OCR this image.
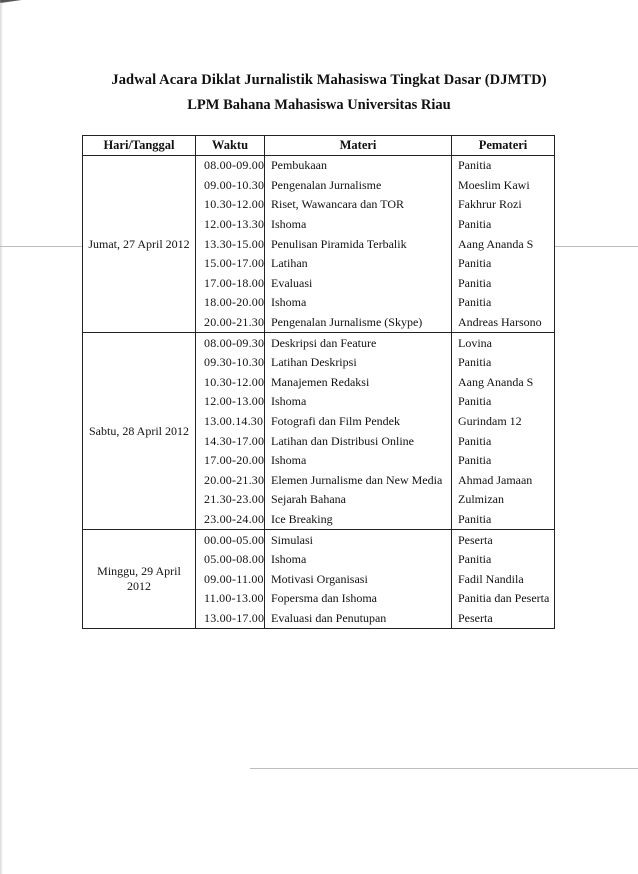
Jadwal Acara Diklat Jurnalistik Mahasiswa Tingkat Dasar (DJMTD)
LPM Bahana Mahasiswa Universitas Riau
Hari/Tanggal	Waktu	Materi	Pemateri
Jumat, 27 April 2012	08.00-09.00	Pembukaan	Panitia
	09.00-10.30	Pengenalan Jurnalisme	Moeslim Kawi
	10.30-12.00	Riset, Wawancara dan TOR	Fakhrur Rozi
	12.00-13.30	Ishoma	Panitia
	13.30-15.00	Penulisan Piramida Terbalik	Aang Ananda S
	15.00-17.00	Latihan	Panitia
	17.00-18.00	Evaluasi	Panitia
	18.00-20.00	Ishoma	Panitia
	20.00-21.30	Pengenalan Jurnalisme (Skype)	Andreas Harsono
Sabtu, 28 April 2012	08.00-09.30	Deskripsi dan Feature	Lovina
	09.30-10.30	Latihan Deskripsi	Panitia
	10.30-12.00	Manajemen Redaksi	Aang Ananda S
	12.00-13.00	Ishoma	Panitia
	13.00.14.30	Fotografi dan Film Pendek	Gurindam 12
	14.30-17.00	Latihan dan Distribusi Online	Panitia
	17.00-20.00	Ishoma	Panitia
	20.00-21.30	Elemen Jurnalisme dan New Media	Ahmad Jamaan
	21.30-23.00	Sejarah Bahana	Zulmizan
	23.00-24.00	Ice Breaking	Panitia
Minggu, 29 April 2012	00.00-05.00	Simulasi	Peserta
	05.00-08.00	Ishoma	Panitia
	09.00-11.00	Motivasi Organisasi	Fadil Nandila
	11.00-13.00	Fopersma dan Ishoma	Panitia dan Peserta
	13.00-17.00	Evaluasi dan Penutupan	Peserta
